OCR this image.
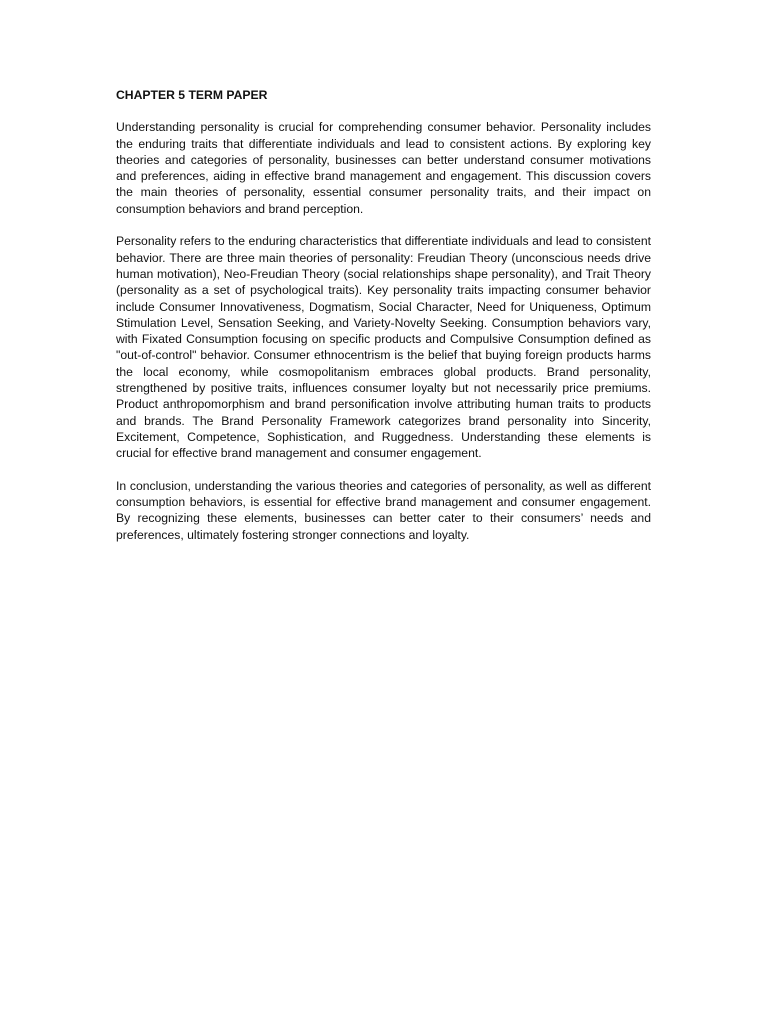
CHAPTER 5 TERM PAPER

Understanding personality is crucial for comprehending consumer behavior. Personality includes the enduring traits that differentiate individuals and lead to consistent actions. By exploring key theories and categories of personality, businesses can better understand consumer motivations and preferences, aiding in effective brand management and engagement. This discussion covers the main theories of personality, essential consumer personality traits, and their impact on consumption behaviors and brand perception.

Personality refers to the enduring characteristics that differentiate individuals and lead to consistent behavior. There are three main theories of personality: Freudian Theory (unconscious needs drive human motivation), Neo-Freudian Theory (social relationships shape personality), and Trait Theory (personality as a set of psychological traits). Key personality traits impacting consumer behavior include Consumer Innovativeness, Dogmatism, Social Character, Need for Uniqueness, Optimum Stimulation Level, Sensation Seeking, and Variety-Novelty Seeking. Consumption behaviors vary, with Fixated Consumption focusing on specific products and Compulsive Consumption defined as "out-of-control" behavior. Consumer ethnocentrism is the belief that buying foreign products harms the local economy, while cosmopolitanism embraces global products. Brand personality, strengthened by positive traits, influences consumer loyalty but not necessarily price premiums. Product anthropomorphism and brand personification involve attributing human traits to products and brands. The Brand Personality Framework categorizes brand personality into Sincerity, Excitement, Competence, Sophistication, and Ruggedness. Understanding these elements is crucial for effective brand management and consumer engagement.

In conclusion, understanding the various theories and categories of personality, as well as different consumption behaviors, is essential for effective brand management and consumer engagement. By recognizing these elements, businesses can better cater to their consumers’ needs and preferences, ultimately fostering stronger connections and loyalty.
